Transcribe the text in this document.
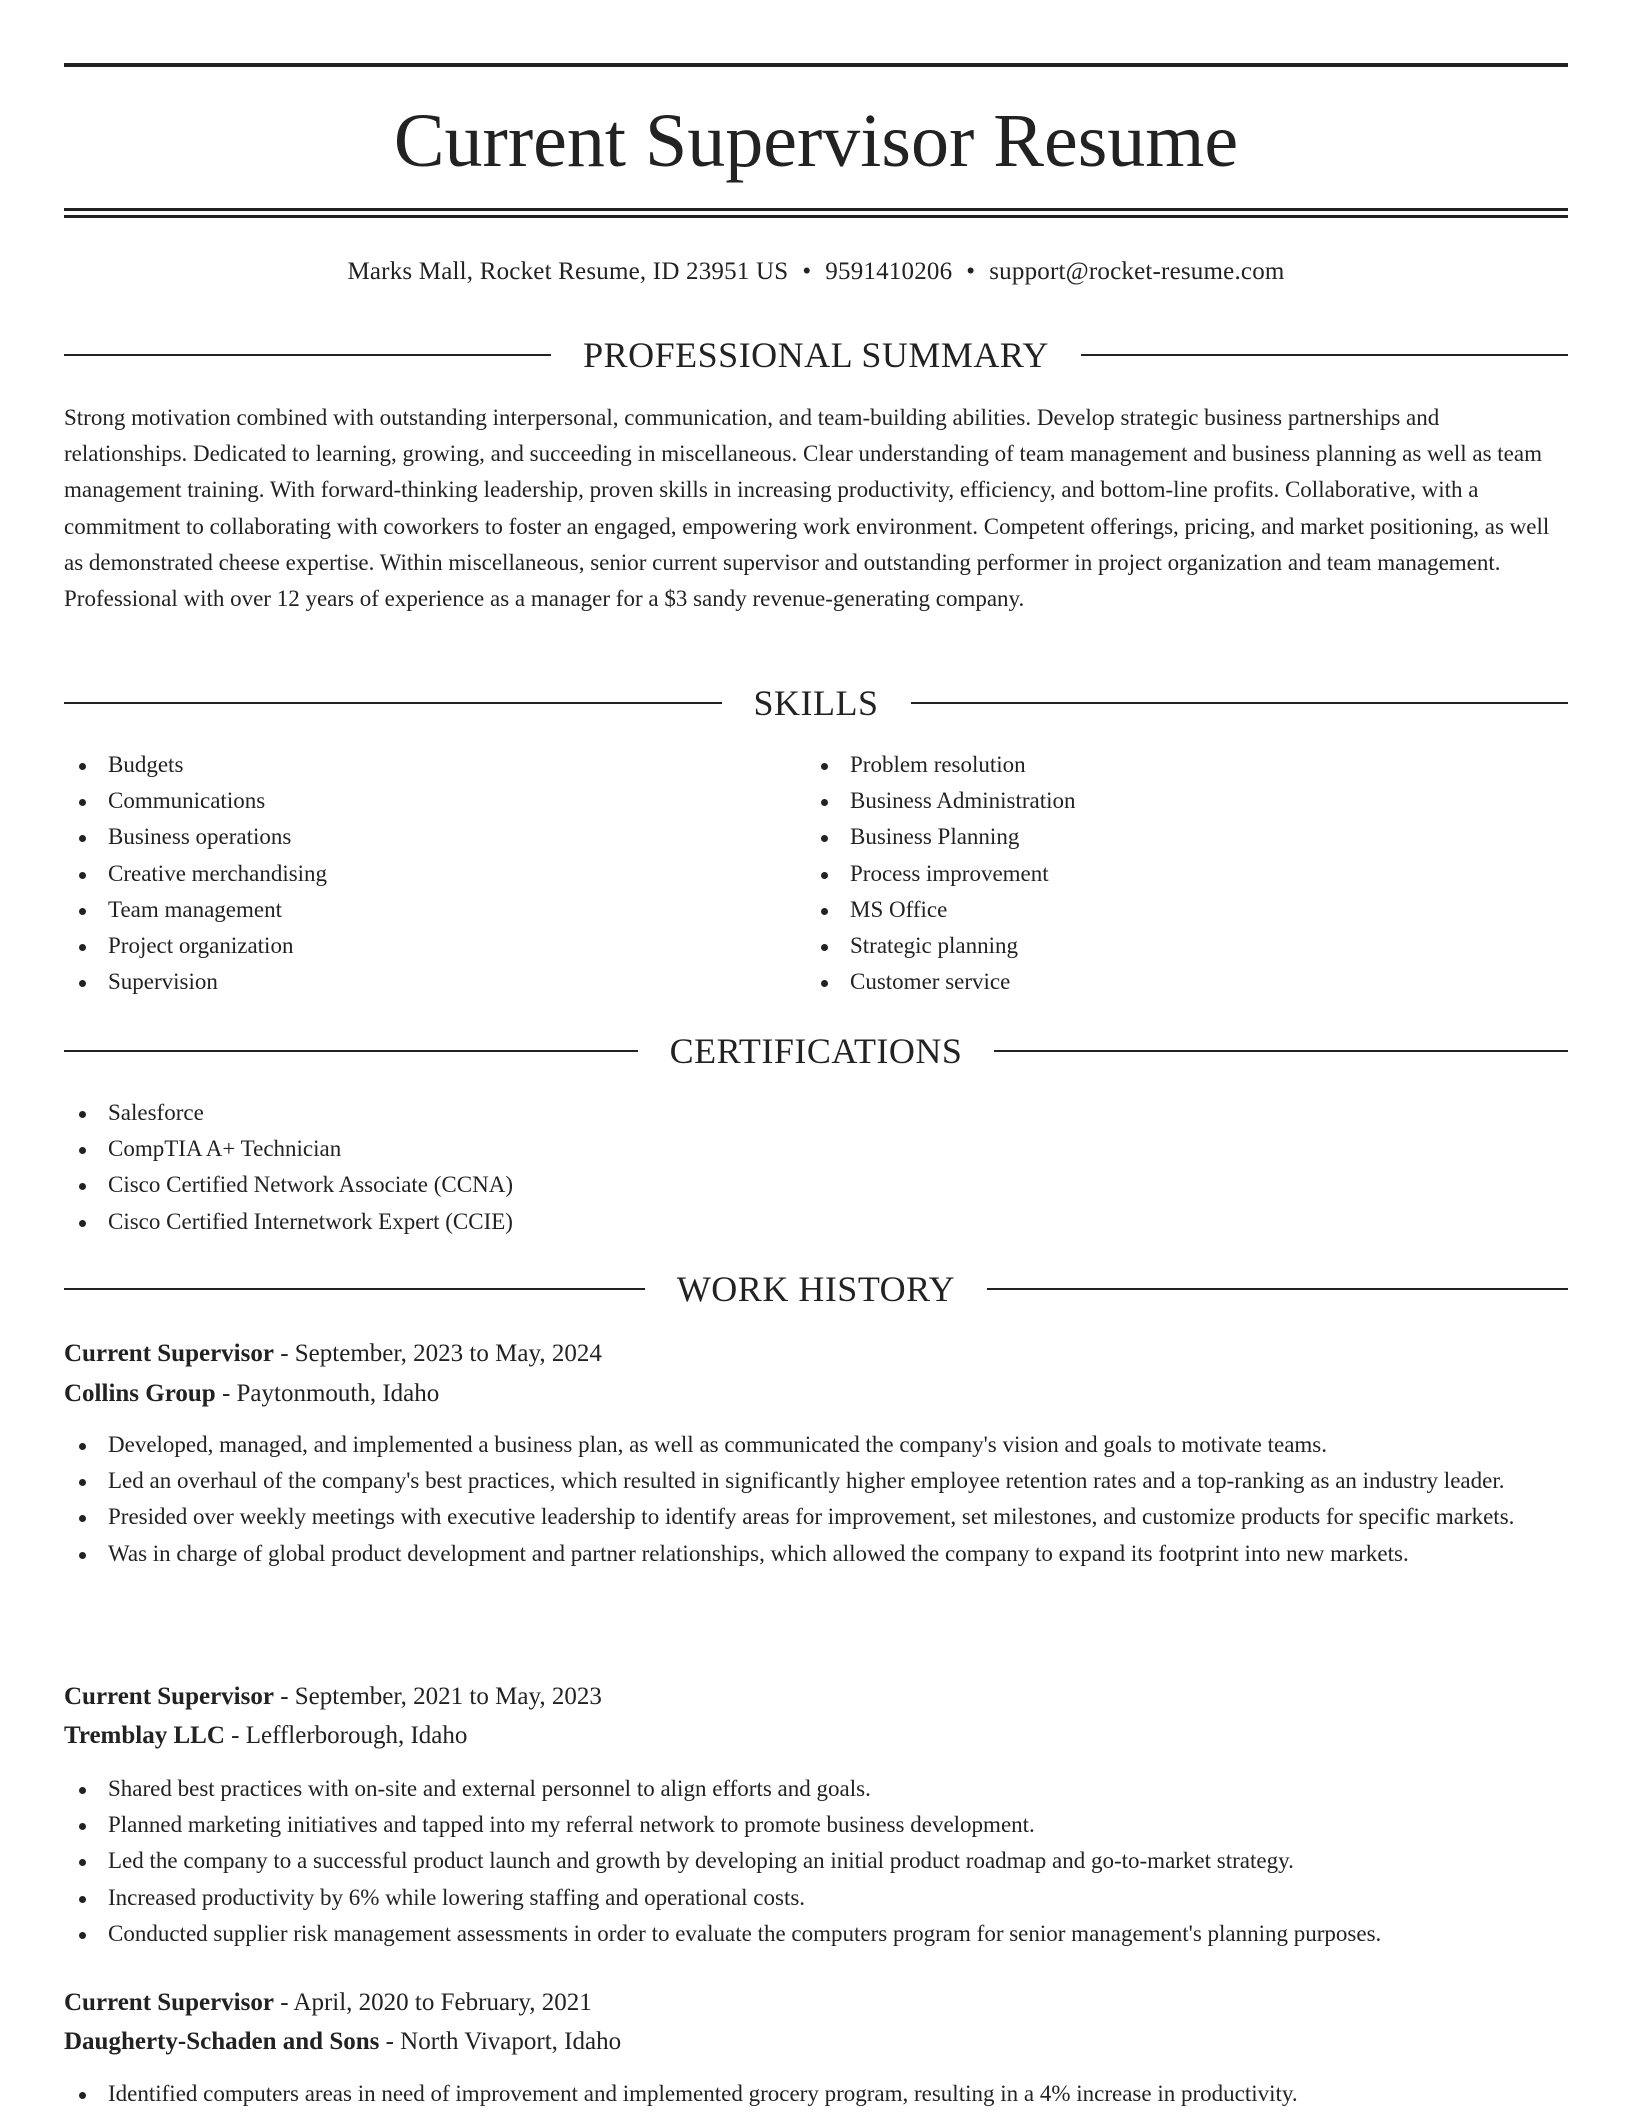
Current Supervisor Resume
Marks Mall, Rocket Resume, ID 23951 US • 9591410206 • support@rocket-resume.com
PROFESSIONAL SUMMARY

Strong motivation combined with outstanding interpersonal, communication, and team-building abilities. Develop strategic business partnerships and relationships. Dedicated to learning, growing, and succeeding in miscellaneous. Clear understanding of team management and business planning as well as team management training. With forward-thinking leadership, proven skills in increasing productivity, efficiency, and bottom-line profits. Collaborative, with a commitment to collaborating with coworkers to foster an engaged, empowering work environment. Competent offerings, pricing, and market positioning, as well as demonstrated cheese expertise. Within miscellaneous, senior current supervisor and outstanding performer in project organization and team management. Professional with over 12 years of experience as a manager for a $3 sandy revenue-generating company.

SKILLS
Budgets
Communications
Business operations
Creative merchandising
Team management
Project organization
Supervision
Problem resolution
Business Administration
Business Planning
Process improvement
MS Office
Strategic planning
Customer service
CERTIFICATIONS
Salesforce
CompTIA A+ Technician
Cisco Certified Network Associate (CCNA)
Cisco Certified Internetwork Expert (CCIE)
WORK HISTORY
Current Supervisor - September, 2023 to May, 2024
Collins Group - Paytonmouth, Idaho
Developed, managed, and implemented a business plan, as well as communicated the company's vision and goals to motivate teams.
Led an overhaul of the company's best practices, which resulted in significantly higher employee retention rates and a top-ranking as an industry leader.
Presided over weekly meetings with executive leadership to identify areas for improvement, set milestones, and customize products for specific markets.
Was in charge of global product development and partner relationships, which allowed the company to expand its footprint into new markets.
Current Supervisor - September, 2021 to May, 2023
Tremblay LLC - Lefflerborough, Idaho
Shared best practices with on-site and external personnel to align efforts and goals.
Planned marketing initiatives and tapped into my referral network to promote business development.
Led the company to a successful product launch and growth by developing an initial product roadmap and go-to-market strategy.
Increased productivity by 6% while lowering staffing and operational costs.
Conducted supplier risk management assessments in order to evaluate the computers program for senior management's planning purposes.
Current Supervisor - April, 2020 to February, 2021
Daugherty-Schaden and Sons - North Vivaport, Idaho
Identified computers areas in need of improvement and implemented grocery program, resulting in a 4% increase in productivity.
